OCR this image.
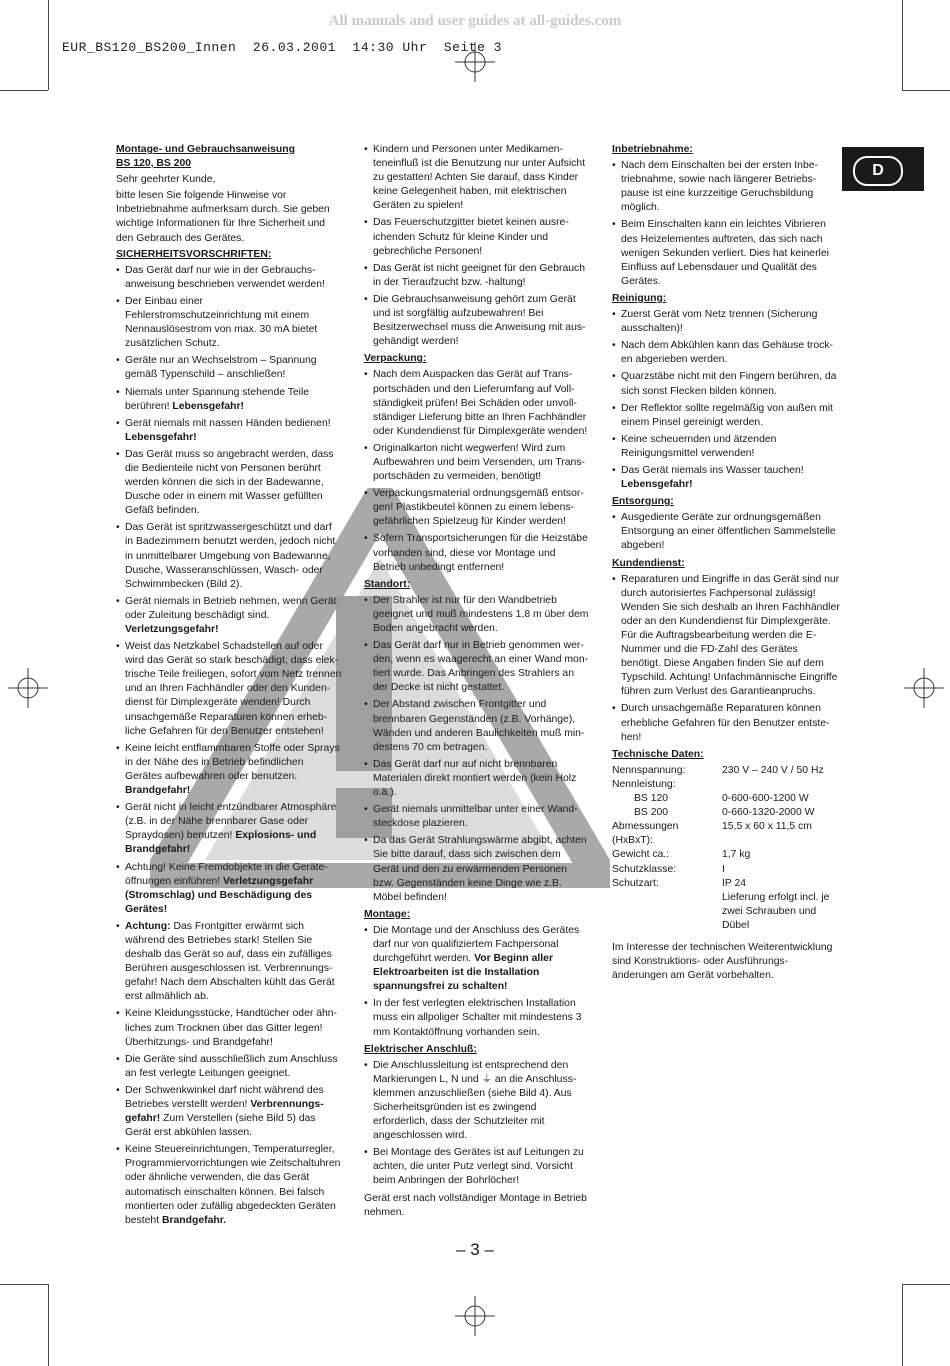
All manuals and user guides at all-guides.com
EUR_BS120_BS200_Innen  26.03.2001  14:30 Uhr  Seite 3
D
Montage- und Gebrauchsanweisung
BS 120, BS 200

Sehr geehrter Kunde,

bitte lesen Sie folgende Hinweise vor Inbetriebnahme aufmerksam durch. Sie geben wichtige Informationen für Ihre Sicherheit und den Gebrauch des Gerätes.

SICHERHEITSVORSCHRIFTEN:
• Das Gerät darf nur wie in der Gebrauchs-anweisung beschrieben verwendet werden!
• Der Einbau einer Fehlerstromschutzeinrichtung mit einem Nennauslösestrom von max. 30 mA bietet zusätzlichen Schutz.
• Geräte nur an Wechselstrom – Spannung gemäß Typenschild – anschließen!
• Niemals unter Spannung stehende Teile berühren! Lebensgefahr!
• Gerät niemals mit nassen Händen bedienen! Lebensgefahr!
• Das Gerät muss so angebracht werden, dass die Bedienteile nicht von Personen berührt werden können die sich in der Badewanne, Dusche oder in einem mit Wasser gefüllten Gefäß befinden.
• Das Gerät ist spritzwassergeschützt und darf in Badezimmern benutzt werden, jedoch nicht in unmittelbarer Umgebung von Badewanne, Dusche, Wasseranschlüssen, Wasch- oder Schwimmbecken (Bild 2).
• Gerät niemals in Betrieb nehmen, wenn Gerät oder Zuleitung beschädigt sind. Verletzungsgefahr!
• Weist das Netzkabel Schadstellen auf oder wird das Gerät so stark beschädigt, dass elek-trische Teile freiliegen, sofort vom Netz trennen und an Ihren Fachhändler oder den Kunden-dienst für Dimplexgeräte wenden! Durch unsachgemäße Reparaturen können erheb-liche Gefahren für den Benutzer entstehen!
• Keine leicht entflammbaren Stoffe oder Sprays in der Nähe des in Betrieb befindlichen Gerätes aufbewahren oder benutzen. Brandgefahr!
• Gerät nicht in leicht entzündbarer Atmosphäre (z.B. in der Nähe brennbarer Gase oder Spraydosen) benutzen! Explosions- und Brandgefahr!
• Achtung! Keine Fremdobjekte in die Geräte-öffnungen einführen! Verletzungsgefahr (Stromschlag) und Beschädigung des Gerätes!
• Achtung: Das Frontgitter erwärmt sich während des Betriebes stark! Stellen Sie deshalb das Gerät so auf, dass ein zufälliges Berühren ausgeschlossen ist. Verbrennungs-gefahr! Nach dem Abschalten kühlt das Gerät erst allmählich ab.
• Keine Kleidungsstücke, Handtücher oder ähn-liches zum Trocknen über das Gitter legen! Überhitzungs- und Brandgefahr!
• Die Geräte sind ausschließlich zum Anschluss an fest verlegte Leitungen geeignet.
• Der Schwenkwinkel darf nicht während des Betriebes verstellt werden! Verbrennungs-gefahr! Zum Verstellen (siehe Bild 5) das Gerät erst abkühlen lassen.
• Keine Steuereinrichtungen, Temperaturregler, Programmiervorrichtungen wie Zeitschaltuhren oder ähnliche verwenden, die das Gerät automatisch einschalten können. Bei falsch montierten oder zufällig abgedeckten Geräten besteht Brandgefahr.
• Kindern und Personen unter Medikamen-teneinfluß ist die Benutzung nur unter Aufsicht zu gestatten! Achten Sie darauf, dass Kinder keine Gelegenheit haben, mit elektrischen Geräten zu spielen!
• Das Feuerschutzgitter bietet keinen ausre-ichenden Schutz für kleine Kinder und gebrechliche Personen!
• Das Gerät ist nicht geeignet für den Gebrauch in der Tieraufzucht bzw. -haltung!
• Die Gebrauchsanweisung gehört zum Gerät und ist sorgfältig aufzubewahren! Bei Besitzerwechsel muss die Anweisung mit aus-gehändigt werden!
Verpackung:
• Nach dem Auspacken das Gerät auf Trans-portschäden und den Lieferumfang auf Voll-ständigkeit prüfen! Bei Schäden oder unvoll-ständiger Lieferung bitte an Ihren Fachhändler oder Kundendienst für Dimplexgeräte wenden!
• Originalkarton nicht wegwerfen! Wird zum Aufbewahren und beim Versenden, um Trans-portschäden zu vermeiden, benötigt!
• Verpackungsmaterial ordnungsgemäß entsor-gen! Plastikbeutel können zu einem lebens-gefährlichen Spielzeug für Kinder werden!
• Sofern Transportsicherungen für die Heizstäbe vorhanden sind, diese vor Montage und Betrieb unbedingt entfernen!
Standort:
• Der Strahler ist nur für den Wandbetrieb geeignet und muß mindestens 1,8 m über dem Boden angebracht werden.
• Das Gerät darf nur in Betrieb genommen wer-den, wenn es waagerecht an einer Wand mon-tiert wurde. Das Anbringen des Strahlers an der Decke ist nicht gestattet.
• Der Abstand zwischen Frontgitter und brennbaren Gegenständen (z.B. Vorhänge), Wänden und anderen Baulichkeiten muß min-destens 70 cm betragen.
• Das Gerät darf nur auf nicht brennbaren Materialen direkt montiert werden (kein Holz o.ä.).
• Gerät niemals unmittelbar unter einer Wand-steckdose plazieren.
• Da das Gerät Strahlungswärme abgibt, achten Sie bitte darauf, dass sich zwischen dem Gerät und den zu erwärmenden Personen bzw. Gegenständen keine Dinge wie z.B. Möbel befinden!
Montage:
• Die Montage und der Anschluss des Gerätes darf nur von qualifiziertem Fachpersonal durchgeführt werden. Vor Beginn aller Elektroarbeiten ist die Installation spannungsfrei zu schalten!
• In der fest verlegten elektrischen Installation muss ein allpoliger Schalter mit mindestens 3 mm Kontaktöffnung vorhanden sein.
Elektrischer Anschluß:
• Die Anschlussleitung ist entsprechend den Markierungen L, N und ⏚ an die Anschluss-klemmen anzuschließen (siehe Bild 4). Aus Sicherheitsgründen ist es zwingend erforderlich, dass der Schutzleiter mit angeschlossen wird.
• Bei Montage des Gerätes ist auf Leitungen zu achten, die unter Putz verlegt sind. Vorsicht beim Anbringen der Bohrlöcher!

Gerät erst nach vollständiger Montage in Betrieb nehmen.

Inbetriebnahme:
• Nach dem Einschalten bei der ersten Inbe-triebnahme, sowie nach längerer Betriebs-pause ist eine kurzzeitige Geruchsbildung möglich.
• Beim Einschalten kann ein leichtes Vibrieren des Heizelementes auftreten, das sich nach wenigen Sekunden verliert. Dies hat keinerlei Einfluss auf Lebensdauer und Qualität des Gerätes.
Reinigung:
• Zuerst Gerät vom Netz trennen (Sicherung ausschalten)!
• Nach dem Abkühlen kann das Gehäuse trock-en abgerieben werden.
• Quarzstäbe nicht mit den Fingern berühren, da sich sonst Flecken bilden können.
• Der Reflektor sollte regelmäßig von außen mit einem Pinsel gereinigt werden.
• Keine scheuernden und ätzenden Reinigungsmittel verwenden!
• Das Gerät niemals ins Wasser tauchen! Lebensgefahr!
Entsorgung:
• Ausgediente Geräte zur ordnungsgemäßen Entsorgung an einer öffentlichen Sammelstelle abgeben!
Kundendienst:
• Reparaturen und Eingriffe in das Gerät sind nur durch autorisiertes Fachpersonal zulässig! Wenden Sie sich deshalb an Ihren Fachhändler oder an den Kundendienst für Dimplexgeräte. Für die Auftragsbearbeitung werden die E-Nummer und die FD-Zahl des Gerätes benötigt. Diese Angaben finden Sie auf dem Typschild. Achtung! Unfachmännische Eingriffe führen zum Verlust des Garantieanpruchs.
• Durch unsachgemäße Reparaturen können erhebliche Gefahren für den Benutzer entste-hen!
Technische Daten:
Nennspannung:	230 V – 240 V / 50 Hz
Nennleistung:
BS 120	0-600-600-1200 W
BS 200	0-660-1320-2000 W
Abmessungen (HxBxT):
15,5 x 60 x 11,5 cm
Gewicht ca.:	1,7 kg
Schutzklasse:	I
Schutzart:	IP 24
Lieferung erfolgt incl. je zwei Schrauben und Dübel

Im Interesse der technischen Weiterentwicklung sind Konstruktions- oder Ausführungs-änderungen am Gerät vorbehalten.

– 3 –
